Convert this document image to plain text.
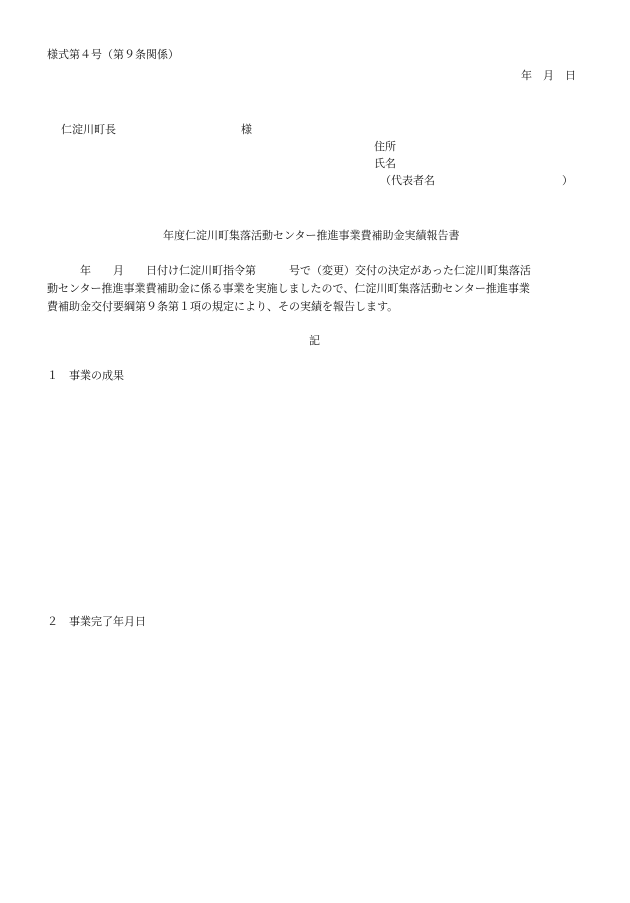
様式第４号（第９条関係）
年　月　日
仁淀川町長	様
住所
氏名
（代表者名	）
年度仁淀川町集落活動センター推進事業費補助金実績報告書
　　　年　　月　　日付け仁淀川町指令第　　　号で（変更）交付の決定があった仁淀川町集落活
動センター推進事業費補助金に係る事業を実施しましたので、仁淀川町集落活動センター推進事業
費補助金交付要綱第９条第１項の規定により、その実績を報告します。
記
１　事業の成果
２　事業完了年月日
